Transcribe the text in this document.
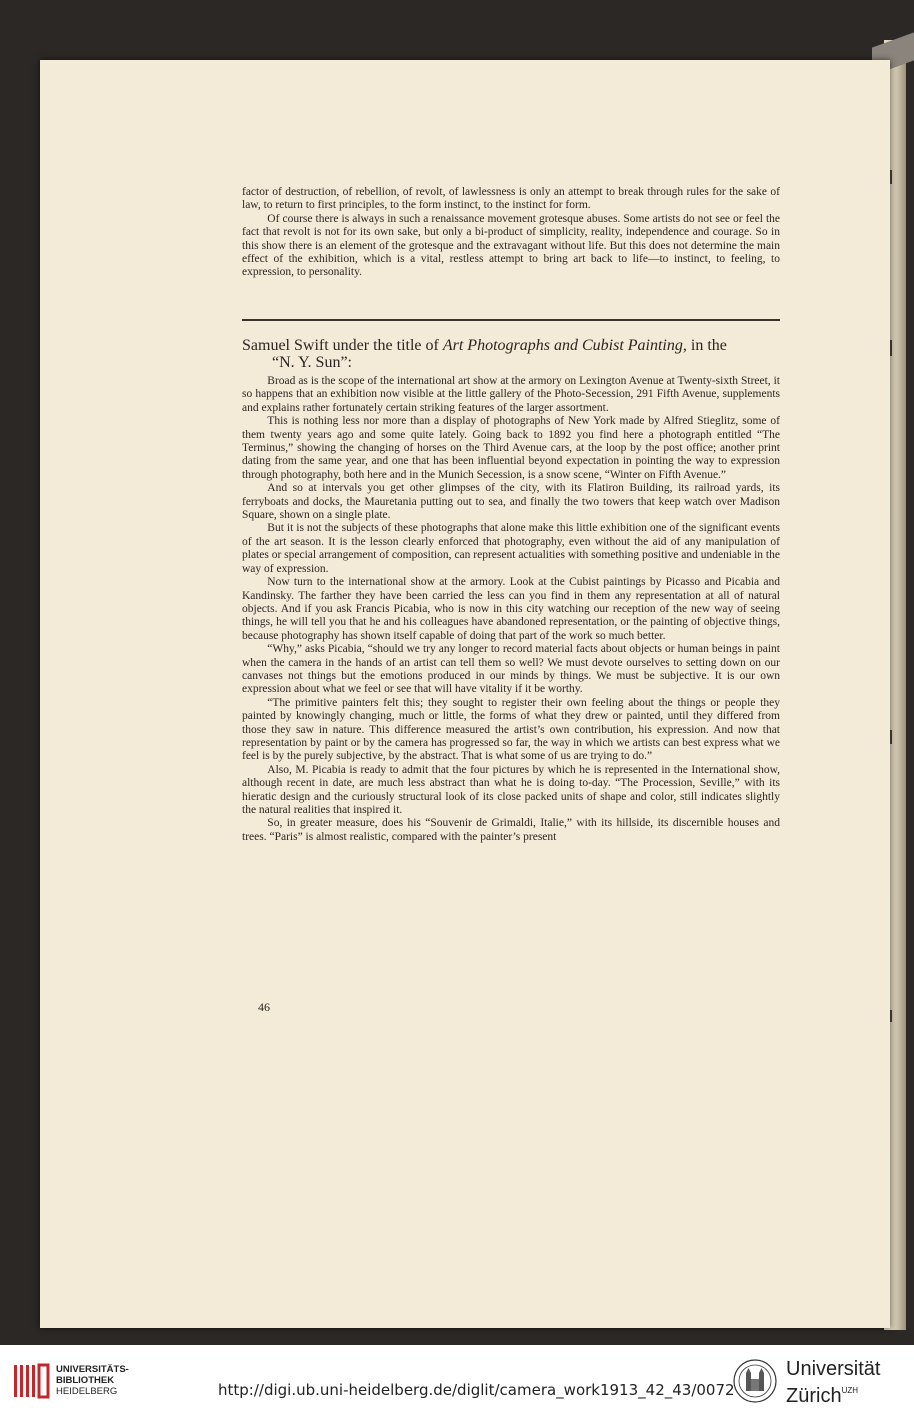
factor of destruction, of rebellion, of revolt, of lawlessness is only an attempt to break through rules for the sake of law, to return to first principles, to the form instinct, to the instinct for form.

Of course there is always in such a renaissance movement grotesque abuses. Some artists do not see or feel the fact that revolt is not for its own sake, but only a bi-product of simplicity, reality, independence and courage. So in this show there is an element of the grotesque and the extravagant without life. But this does not determine the main effect of the exhibition, which is a vital, restless attempt to bring art back to life—to instinct, to feeling, to expression, to personality.

Samuel Swift under the title of Art Photographs and Cubist Painting, in the
“N. Y. Sun”:

Broad as is the scope of the international art show at the armory on Lexington Avenue at Twenty-sixth Street, it so happens that an exhibition now visible at the little gallery of the Photo-Secession, 291 Fifth Avenue, supplements and explains rather fortunately certain striking features of the larger assortment.

This is nothing less nor more than a display of photographs of New York made by Alfred Stieglitz, some of them twenty years ago and some quite lately. Going back to 1892 you find here a photograph entitled “The Terminus,” showing the changing of horses on the Third Avenue cars, at the loop by the post office; another print dating from the same year, and one that has been influential beyond expectation in pointing the way to expression through photography, both here and in the Munich Secession, is a snow scene, “Winter on Fifth Avenue.”

And so at intervals you get other glimpses of the city, with its Flatiron Building, its railroad yards, its ferryboats and docks, the Mauretania putting out to sea, and finally the two towers that keep watch over Madison Square, shown on a single plate.

But it is not the subjects of these photographs that alone make this little exhibition one of the significant events of the art season. It is the lesson clearly enforced that photography, even without the aid of any manipulation of plates or special arrangement of composition, can represent actualities with something positive and undeniable in the way of expression.

Now turn to the international show at the armory. Look at the Cubist paintings by Picasso and Picabia and Kandinsky. The farther they have been carried the less can you find in them any representation at all of natural objects. And if you ask Francis Picabia, who is now in this city watching our reception of the new way of seeing things, he will tell you that he and his colleagues have abandoned representation, or the painting of objective things, because photography has shown itself capable of doing that part of the work so much better.

“Why,” asks Picabia, “should we try any longer to record material facts about objects or human beings in paint when the camera in the hands of an artist can tell them so well? We must devote ourselves to setting down on our canvases not things but the emotions produced in our minds by things. We must be subjective. It is our own expression about what we feel or see that will have vitality if it be worthy.

“The primitive painters felt this; they sought to register their own feeling about the things or people they painted by knowingly changing, much or little, the forms of what they drew or painted, until they differed from those they saw in nature. This difference measured the artist’s own contribution, his expression. And now that representation by paint or by the camera has progressed so far, the way in which we artists can best express what we feel is by the purely subjective, by the abstract. That is what some of us are trying to do.”

Also, M. Picabia is ready to admit that the four pictures by which he is represented in the International show, although recent in date, are much less abstract than what he is doing to-day. “The Procession, Seville,” with its hieratic design and the curiously structural look of its close packed units of shape and color, still indicates slightly the natural realities that inspired it.

So, in greater measure, does his “Souvenir de Grimaldi, Italie,” with its hillside, its discernible houses and trees. “Paris” is almost realistic, compared with the painter’s present

46
UNIVERSITÄTS-
BIBLIOTHEK
HEIDELBERG	http://digi.ub.uni-heidelberg.de/diglit/camera_work1913_42_43/0072
Universität
Zürich$^{UZH}$
